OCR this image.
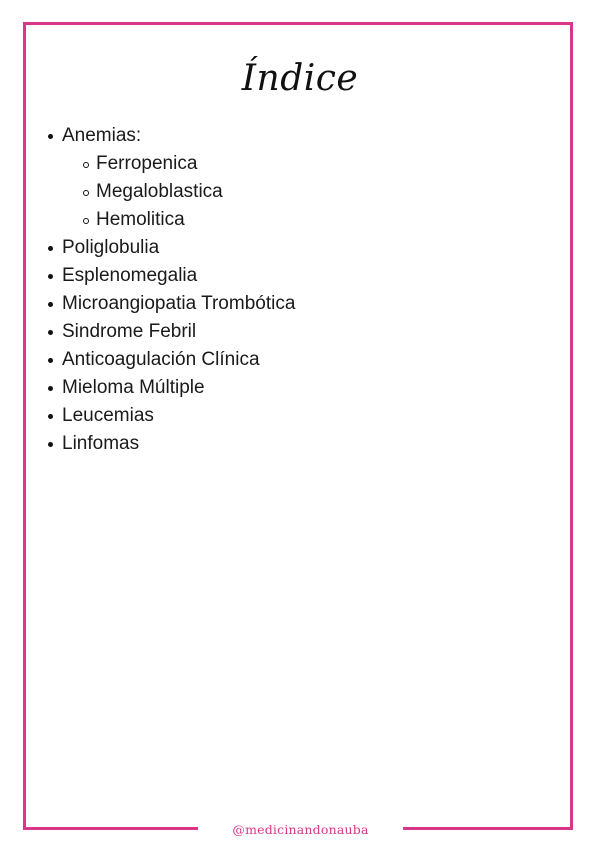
Índice
Anemias:
Ferropenica
Megaloblastica
Hemolitica
Poliglobulia
Esplenomegalia
Microangiopatia Trombótica
Sindrome Febril
Anticoagulación Clínica
Mieloma Múltiple
Leucemias
Linfomas
@medicinandonauba
